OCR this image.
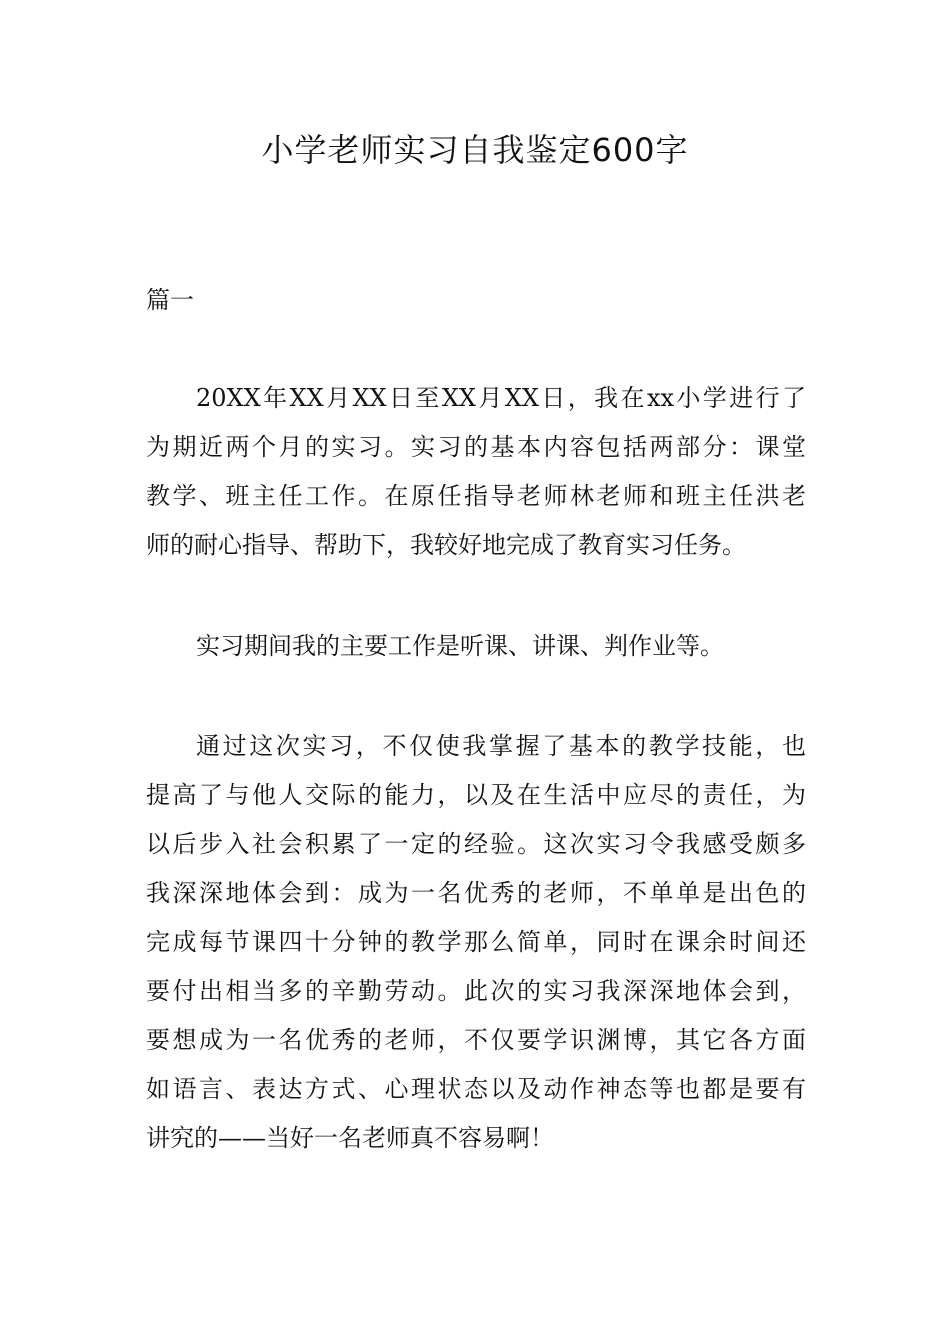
小学老师实习自我鉴定600字
篇一
20XX年XX月XX日至XX月XX日，我在xx小学进行了
为期近两个月的实习。实习的基本内容包括两部分：课堂
教学、班主任工作。在原任指导老师林老师和班主任洪老
师的耐心指导、帮助下，我较好地完成了教育实习任务。
实习期间我的主要工作是听课、讲课、判作业等。
通过这次实习，不仅使我掌握了基本的教学技能，也
提高了与他人交际的能力，以及在生活中应尽的责任，为
以后步入社会积累了一定的经验。这次实习令我感受颇多
我深深地体会到：成为一名优秀的老师，不单单是出色的
完成每节课四十分钟的教学那么简单，同时在课余时间还
要付出相当多的辛勤劳动。此次的实习我深深地体会到，
要想成为一名优秀的老师，不仅要学识渊博，其它各方面
如语言、表达方式、心理状态以及动作神态等也都是要有
讲究的——当好一名老师真不容易啊！
